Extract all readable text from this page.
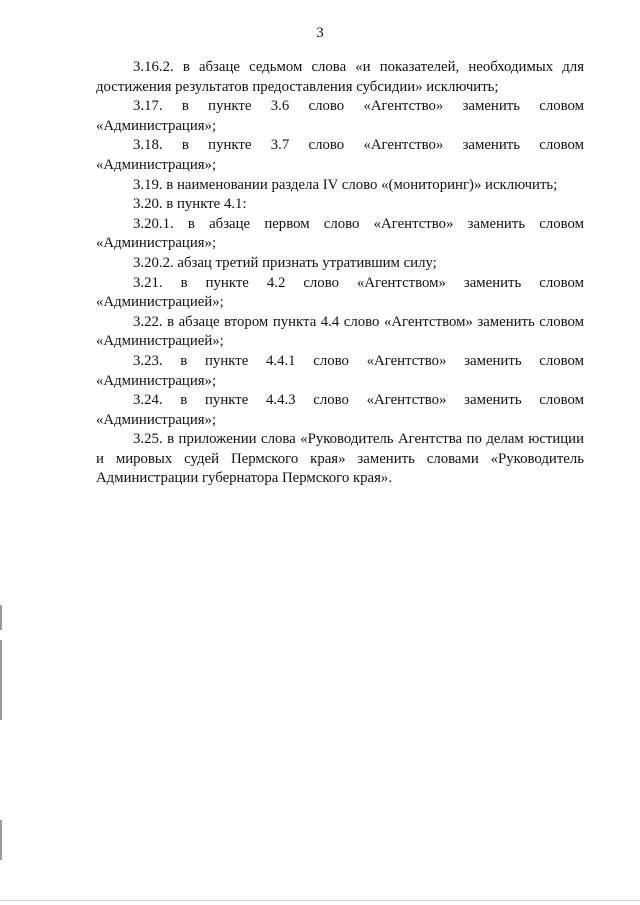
3

3.16.2. в абзаце седьмом слова «и показателей, необходимых для достижения результатов предоставления субсидии» исключить;

3.17. в пункте 3.6 слово «Агентство» заменить словом «Администрация»;

3.18. в пункте 3.7 слово «Агентство» заменить словом «Администрация»;

3.19. в наименовании раздела IV слово «(мониторинг)» исключить;

3.20. в пункте 4.1:

3.20.1. в абзаце первом слово «Агентство» заменить словом «Администрация»;

3.20.2. абзац третий признать утратившим силу;

3.21. в пункте 4.2 слово «Агентством» заменить словом «Администрацией»;

3.22. в абзаце втором пункта 4.4 слово «Агентством» заменить словом «Администрацией»;

3.23. в пункте 4.4.1 слово «Агентство» заменить словом «Администрация»;

3.24. в пункте 4.4.3 слово «Агентство» заменить словом «Администрация»;

3.25. в приложении слова «Руководитель Агентства по делам юстиции и мировых судей Пермского края» заменить словами «Руководитель Администрации губернатора Пермского края».
